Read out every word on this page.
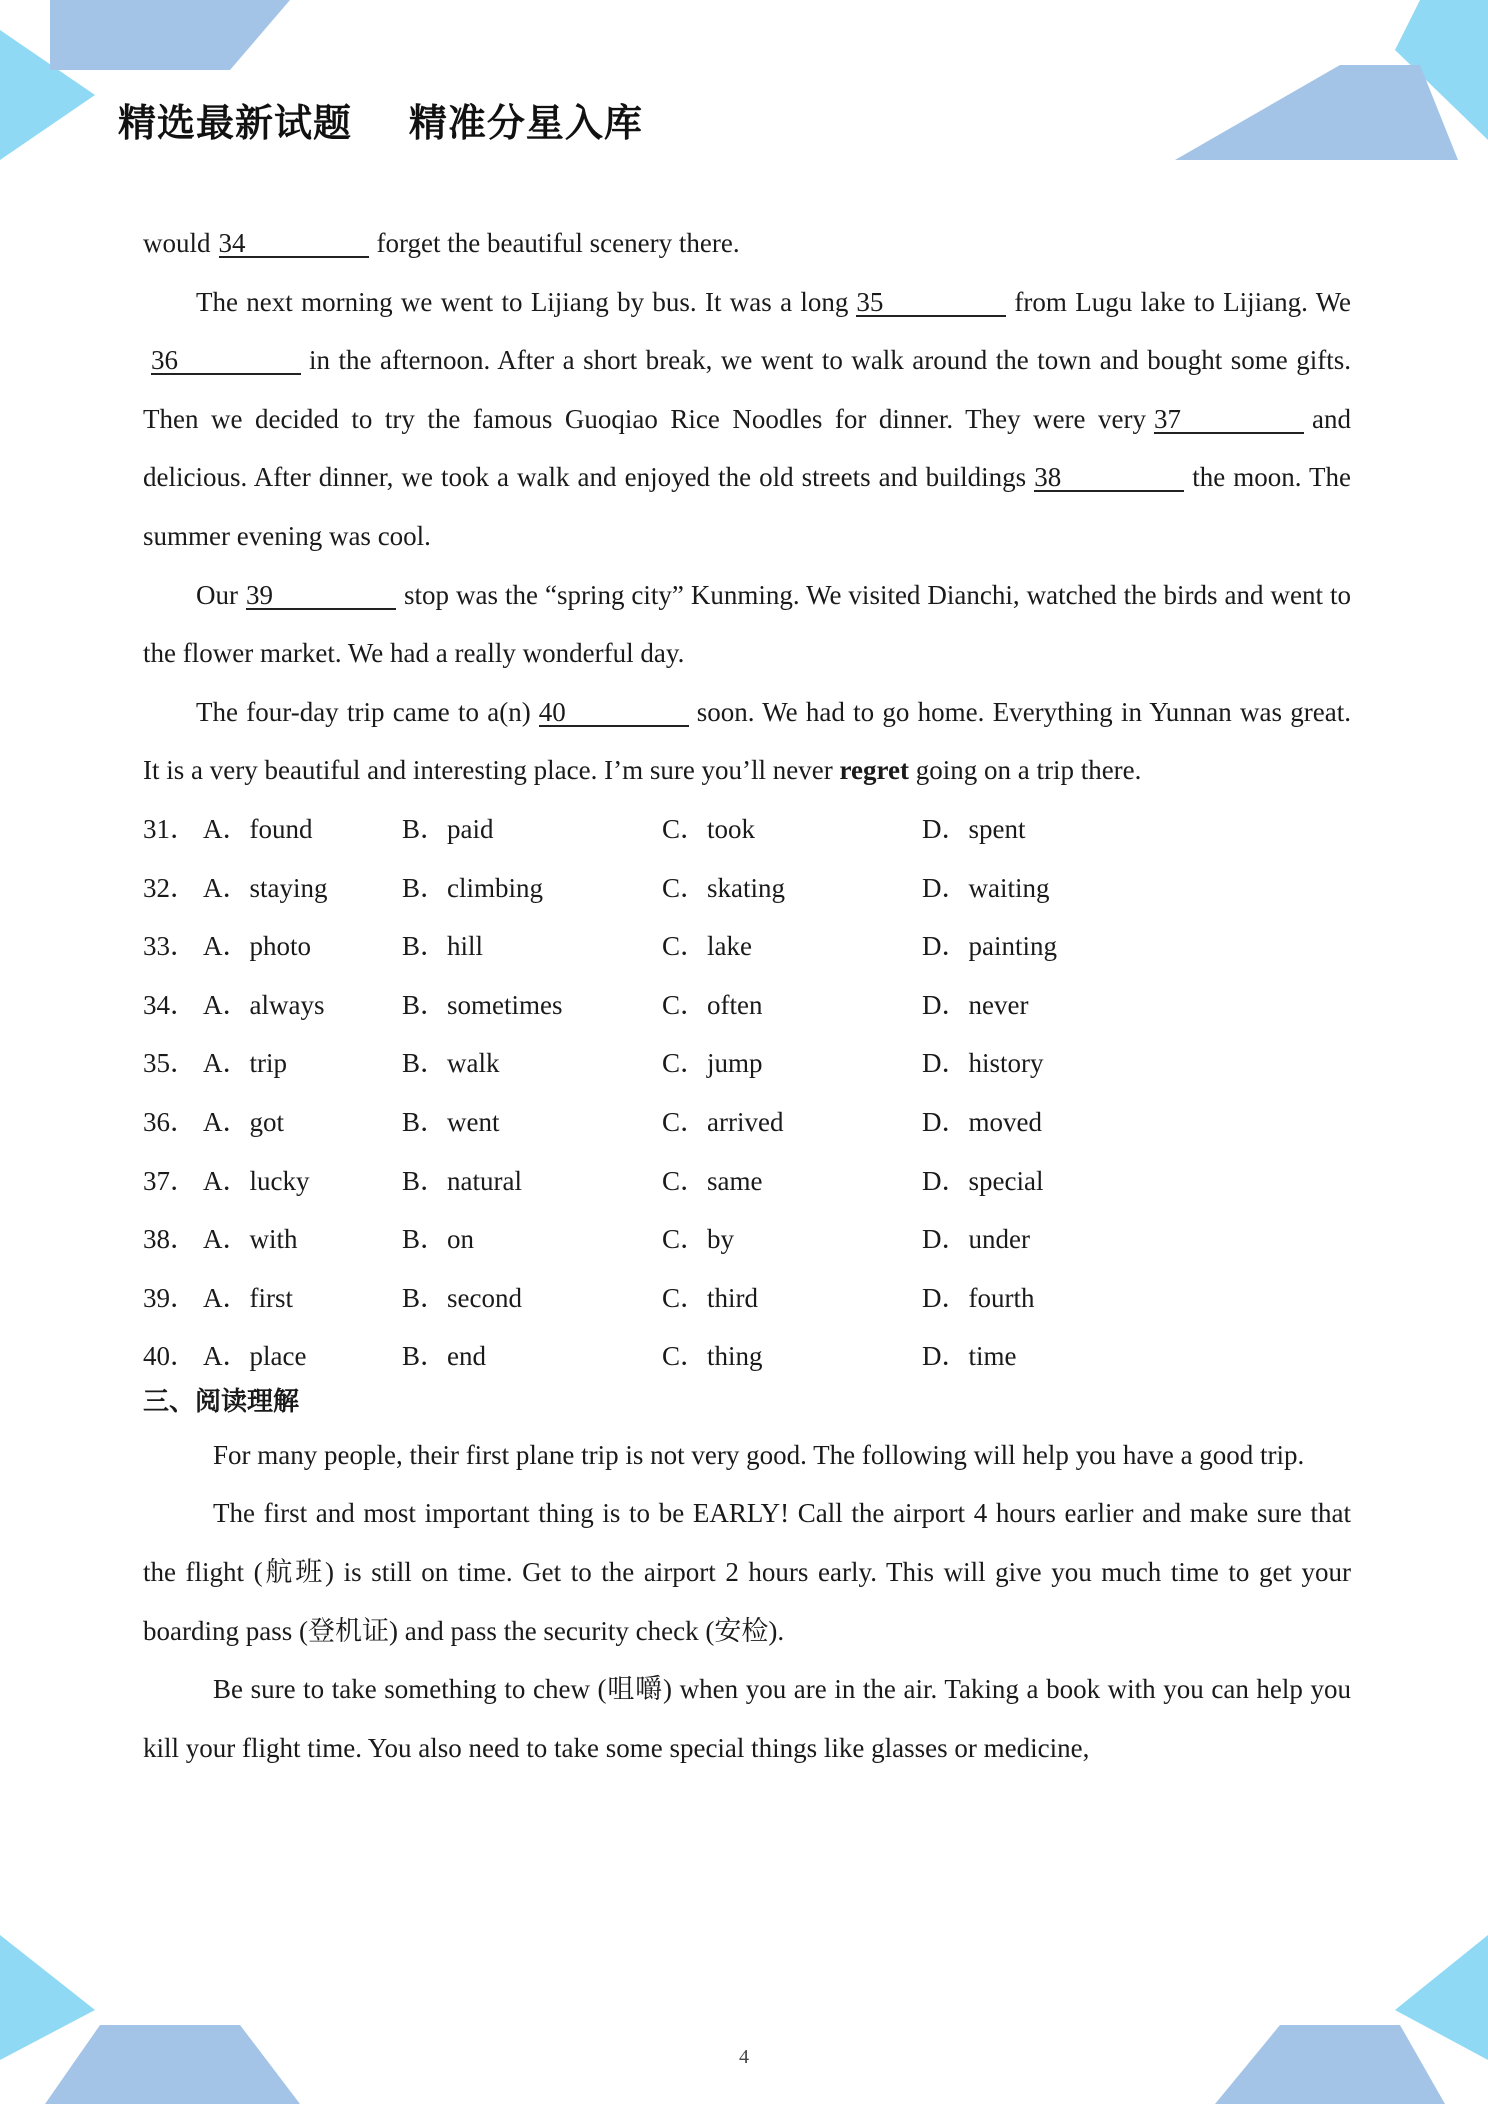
精选最新试题    精准分星入库

would 34	forget the beautiful scenery there.

The next morning we went to Lijiang by bus. It was a long 35	from Lugu lake to Lijiang. We36	in the afternoon. After a short break, we went to walk around the town and bought some gifts. Then we decided to try the famous Guoqiao Rice Noodles for dinner. They were very 37	and delicious. After dinner, we took a walk and enjoyed the old streets and buildings 38	the moon. The summer evening was cool.

Our 39	stop was the “spring city” Kunming. We visited Dianchi, watched the birds and went to the flower market. We had a really wonderful day.

The four-day trip came to a(n) 40	soon. We had to go home. Everything in Yunnan was great. It is a very beautiful and interesting place. I’m sure you’ll never regret going on a trip there.

31． A．found	B．paid	C．took	D．spent
32． A．staying	B．climbing	C．skating	D．waiting
33． A．photo	B．hill	C．lake	D．painting
34． A．always	B．sometimes	C．often	D．never
35． A．trip	B．walk	C．jump	D．history
36． A．got	B．went	C．arrived	D．moved
37． A．lucky	B．natural	C．same	D．special
38． A．with	B．on	C．by	D．under
39． A．first	B．second	C．third	D．fourth
40． A．place	B．end	C．thing	D．time
三、阅读理解

For many people, their first plane trip is not very good. The following will help you have a good trip.

The first and most important thing is to be EARLY! Call the airport 4 hours earlier and make sure that the flight (航班) is still on time. Get to the airport 2 hours early. This will give you much time to get your boarding pass (登机证) and pass the security check (安检).

Be sure to take something to chew (咀嚼) when you are in the air. Taking a book with you can help you kill your flight time. You also need to take some special things like glasses or medicine,

4
